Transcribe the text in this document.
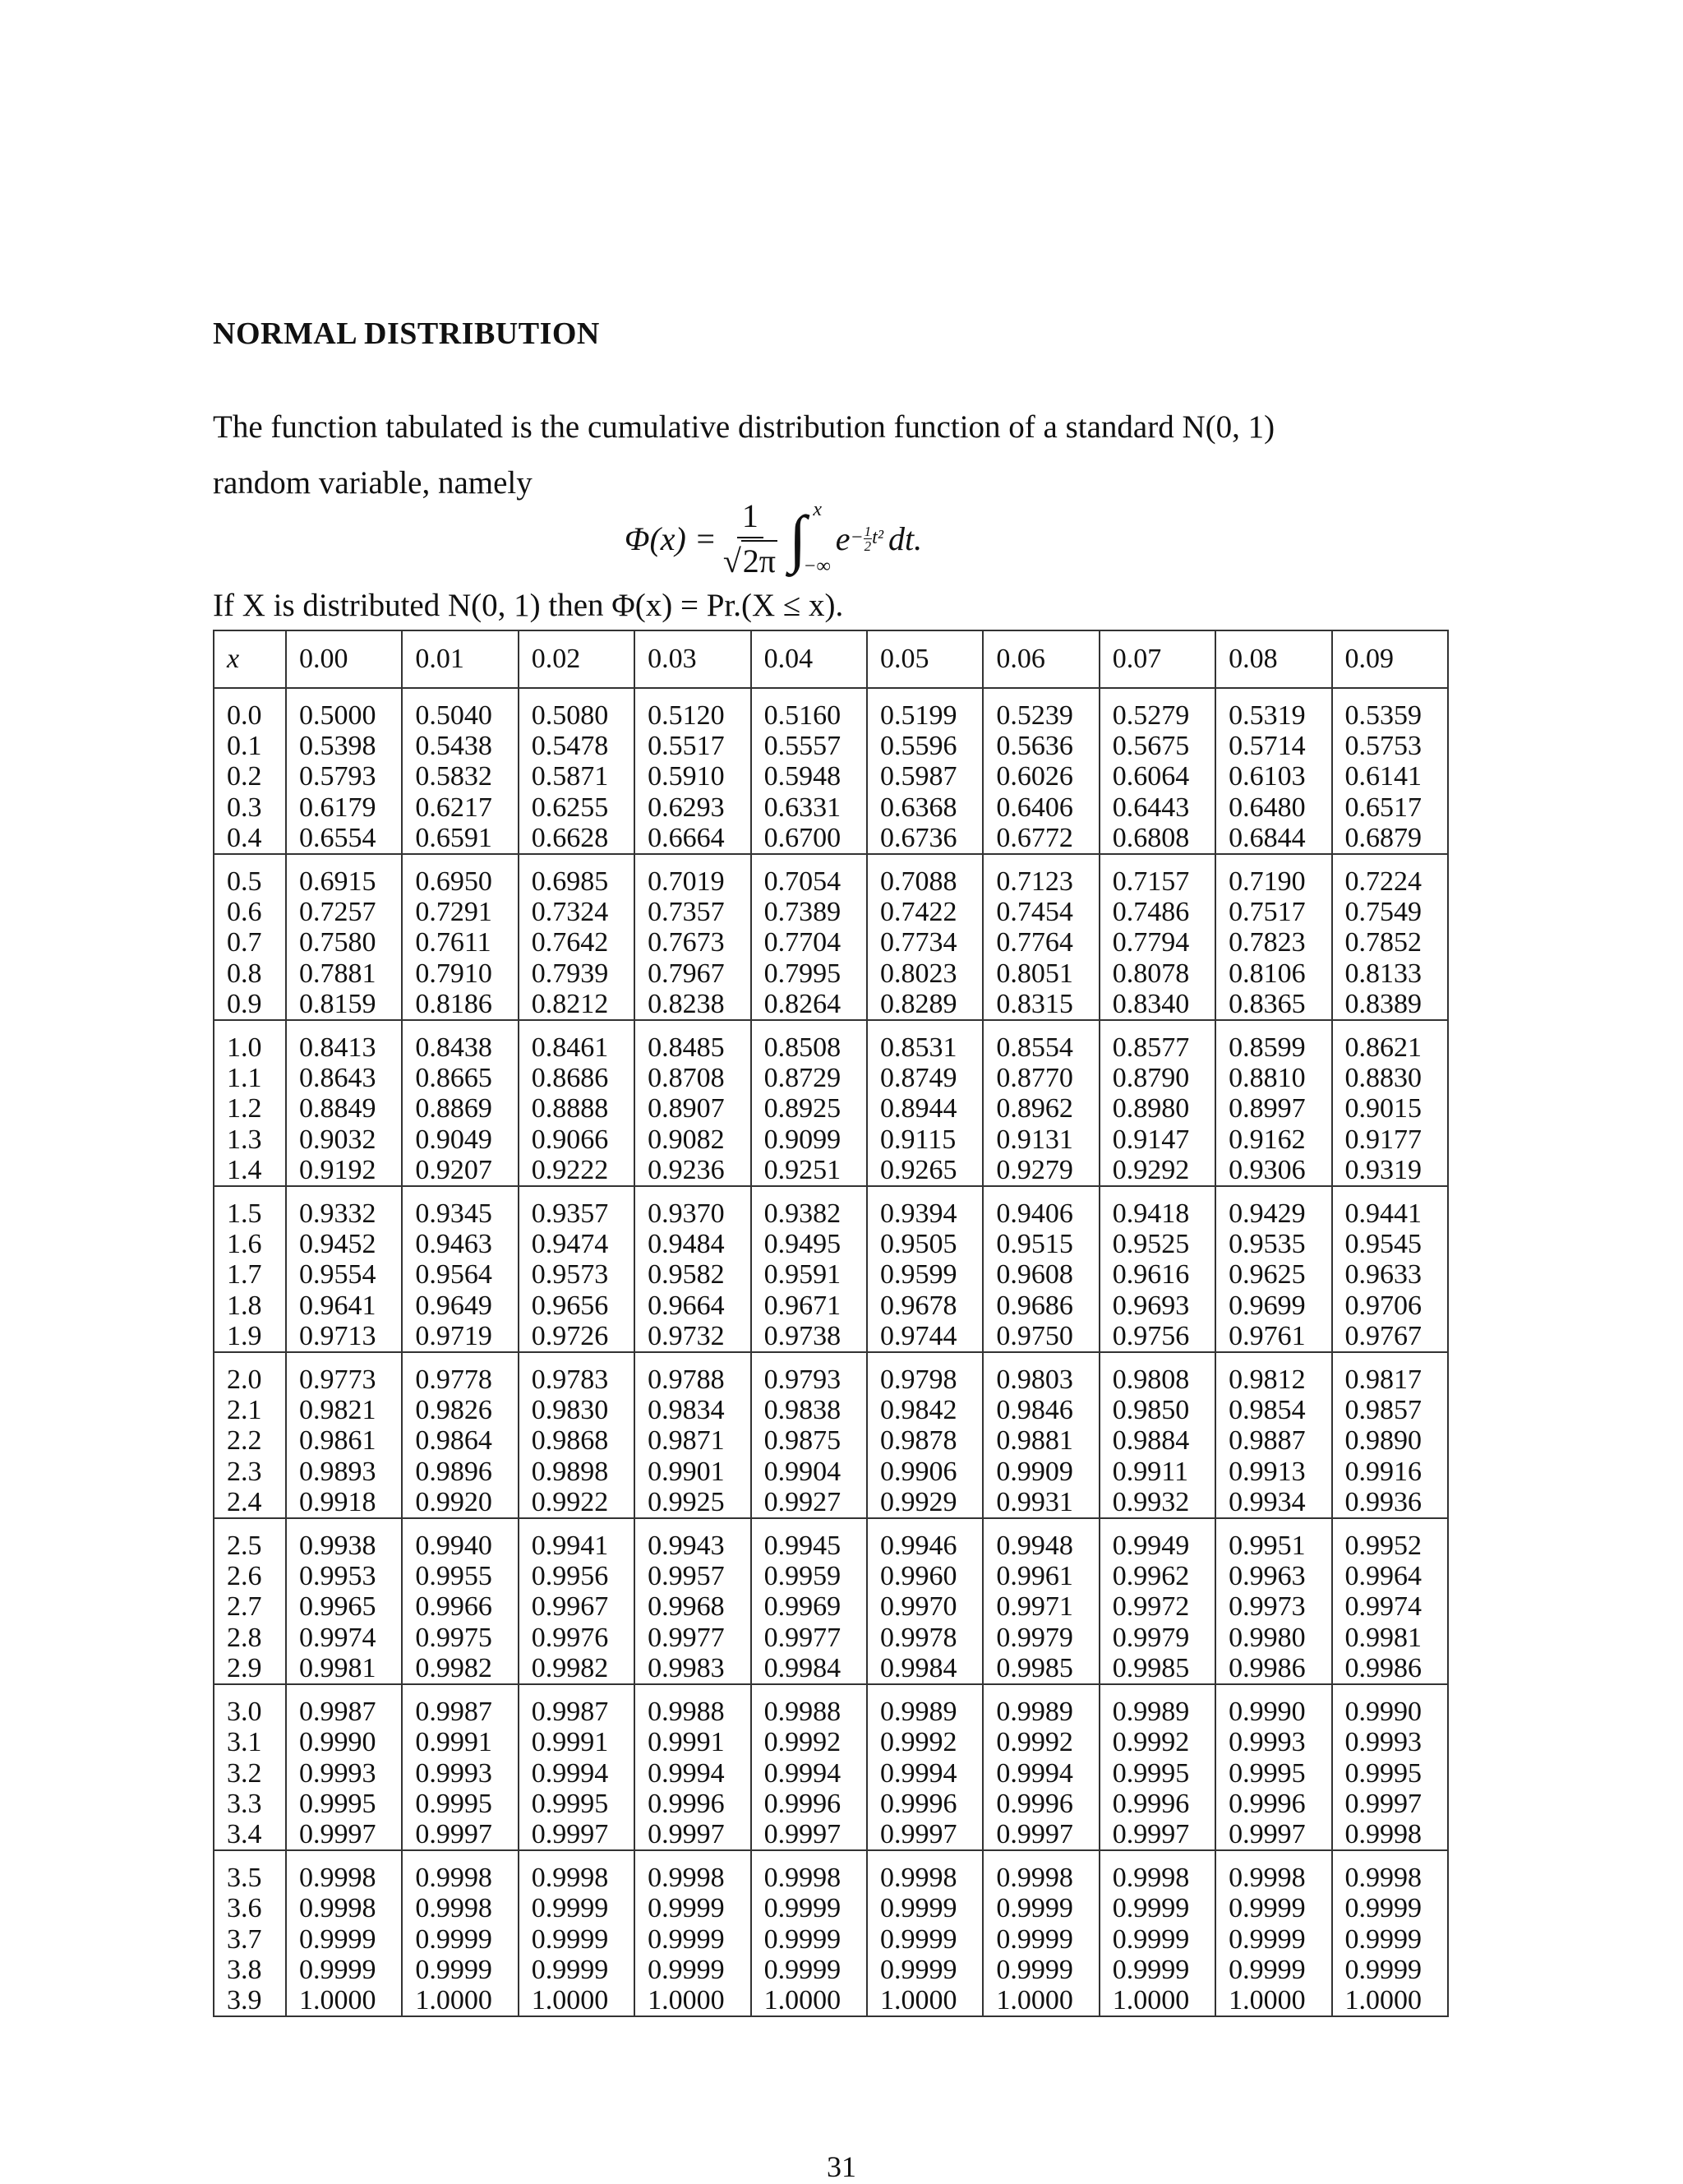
NORMAL DISTRIBUTION
The function tabulated is the cumulative distribution function of a standard N(0, 1)
random variable, namely
$\Phi(x) = \frac{1}{√ 2\pi}$ ∫ x
−∞
$e - \frac{1}{2} t^2$ dt.

If X is distributed N(0, 1) then Φ(x) = Pr.(X ≤ x).

x	0.00	0.01	0.02	0.03	0.04	0.05	0.06	0.07	0.08	0.09
0.0	0.5000	0.5040	0.5080	0.5120	0.5160	0.5199	0.5239	0.5279	0.5319	0.5359
0.1	0.5398	0.5438	0.5478	0.5517	0.5557	0.5596	0.5636	0.5675	0.5714	0.5753
0.2	0.5793	0.5832	0.5871	0.5910	0.5948	0.5987	0.6026	0.6064	0.6103	0.6141
0.3	0.6179	0.6217	0.6255	0.6293	0.6331	0.6368	0.6406	0.6443	0.6480	0.6517
0.4	0.6554	0.6591	0.6628	0.6664	0.6700	0.6736	0.6772	0.6808	0.6844	0.6879
0.5	0.6915	0.6950	0.6985	0.7019	0.7054	0.7088	0.7123	0.7157	0.7190	0.7224
0.6	0.7257	0.7291	0.7324	0.7357	0.7389	0.7422	0.7454	0.7486	0.7517	0.7549
0.7	0.7580	0.7611	0.7642	0.7673	0.7704	0.7734	0.7764	0.7794	0.7823	0.7852
0.8	0.7881	0.7910	0.7939	0.7967	0.7995	0.8023	0.8051	0.8078	0.8106	0.8133
0.9	0.8159	0.8186	0.8212	0.8238	0.8264	0.8289	0.8315	0.8340	0.8365	0.8389
1.0	0.8413	0.8438	0.8461	0.8485	0.8508	0.8531	0.8554	0.8577	0.8599	0.8621
1.1	0.8643	0.8665	0.8686	0.8708	0.8729	0.8749	0.8770	0.8790	0.8810	0.8830
1.2	0.8849	0.8869	0.8888	0.8907	0.8925	0.8944	0.8962	0.8980	0.8997	0.9015
1.3	0.9032	0.9049	0.9066	0.9082	0.9099	0.9115	0.9131	0.9147	0.9162	0.9177
1.4	0.9192	0.9207	0.9222	0.9236	0.9251	0.9265	0.9279	0.9292	0.9306	0.9319
1.5	0.9332	0.9345	0.9357	0.9370	0.9382	0.9394	0.9406	0.9418	0.9429	0.9441
1.6	0.9452	0.9463	0.9474	0.9484	0.9495	0.9505	0.9515	0.9525	0.9535	0.9545
1.7	0.9554	0.9564	0.9573	0.9582	0.9591	0.9599	0.9608	0.9616	0.9625	0.9633
1.8	0.9641	0.9649	0.9656	0.9664	0.9671	0.9678	0.9686	0.9693	0.9699	0.9706
1.9	0.9713	0.9719	0.9726	0.9732	0.9738	0.9744	0.9750	0.9756	0.9761	0.9767
2.0	0.9773	0.9778	0.9783	0.9788	0.9793	0.9798	0.9803	0.9808	0.9812	0.9817
2.1	0.9821	0.9826	0.9830	0.9834	0.9838	0.9842	0.9846	0.9850	0.9854	0.9857
2.2	0.9861	0.9864	0.9868	0.9871	0.9875	0.9878	0.9881	0.9884	0.9887	0.9890
2.3	0.9893	0.9896	0.9898	0.9901	0.9904	0.9906	0.9909	0.9911	0.9913	0.9916
2.4	0.9918	0.9920	0.9922	0.9925	0.9927	0.9929	0.9931	0.9932	0.9934	0.9936
2.5	0.9938	0.9940	0.9941	0.9943	0.9945	0.9946	0.9948	0.9949	0.9951	0.9952
2.6	0.9953	0.9955	0.9956	0.9957	0.9959	0.9960	0.9961	0.9962	0.9963	0.9964
2.7	0.9965	0.9966	0.9967	0.9968	0.9969	0.9970	0.9971	0.9972	0.9973	0.9974
2.8	0.9974	0.9975	0.9976	0.9977	0.9977	0.9978	0.9979	0.9979	0.9980	0.9981
2.9	0.9981	0.9982	0.9982	0.9983	0.9984	0.9984	0.9985	0.9985	0.9986	0.9986
3.0	0.9987	0.9987	0.9987	0.9988	0.9988	0.9989	0.9989	0.9989	0.9990	0.9990
3.1	0.9990	0.9991	0.9991	0.9991	0.9992	0.9992	0.9992	0.9992	0.9993	0.9993
3.2	0.9993	0.9993	0.9994	0.9994	0.9994	0.9994	0.9994	0.9995	0.9995	0.9995
3.3	0.9995	0.9995	0.9995	0.9996	0.9996	0.9996	0.9996	0.9996	0.9996	0.9997
3.4	0.9997	0.9997	0.9997	0.9997	0.9997	0.9997	0.9997	0.9997	0.9997	0.9998
3.5	0.9998	0.9998	0.9998	0.9998	0.9998	0.9998	0.9998	0.9998	0.9998	0.9998
3.6	0.9998	0.9998	0.9999	0.9999	0.9999	0.9999	0.9999	0.9999	0.9999	0.9999
3.7	0.9999	0.9999	0.9999	0.9999	0.9999	0.9999	0.9999	0.9999	0.9999	0.9999
3.8	0.9999	0.9999	0.9999	0.9999	0.9999	0.9999	0.9999	0.9999	0.9999	0.9999
3.9	1.0000	1.0000	1.0000	1.0000	1.0000	1.0000	1.0000	1.0000	1.0000	1.0000

31
